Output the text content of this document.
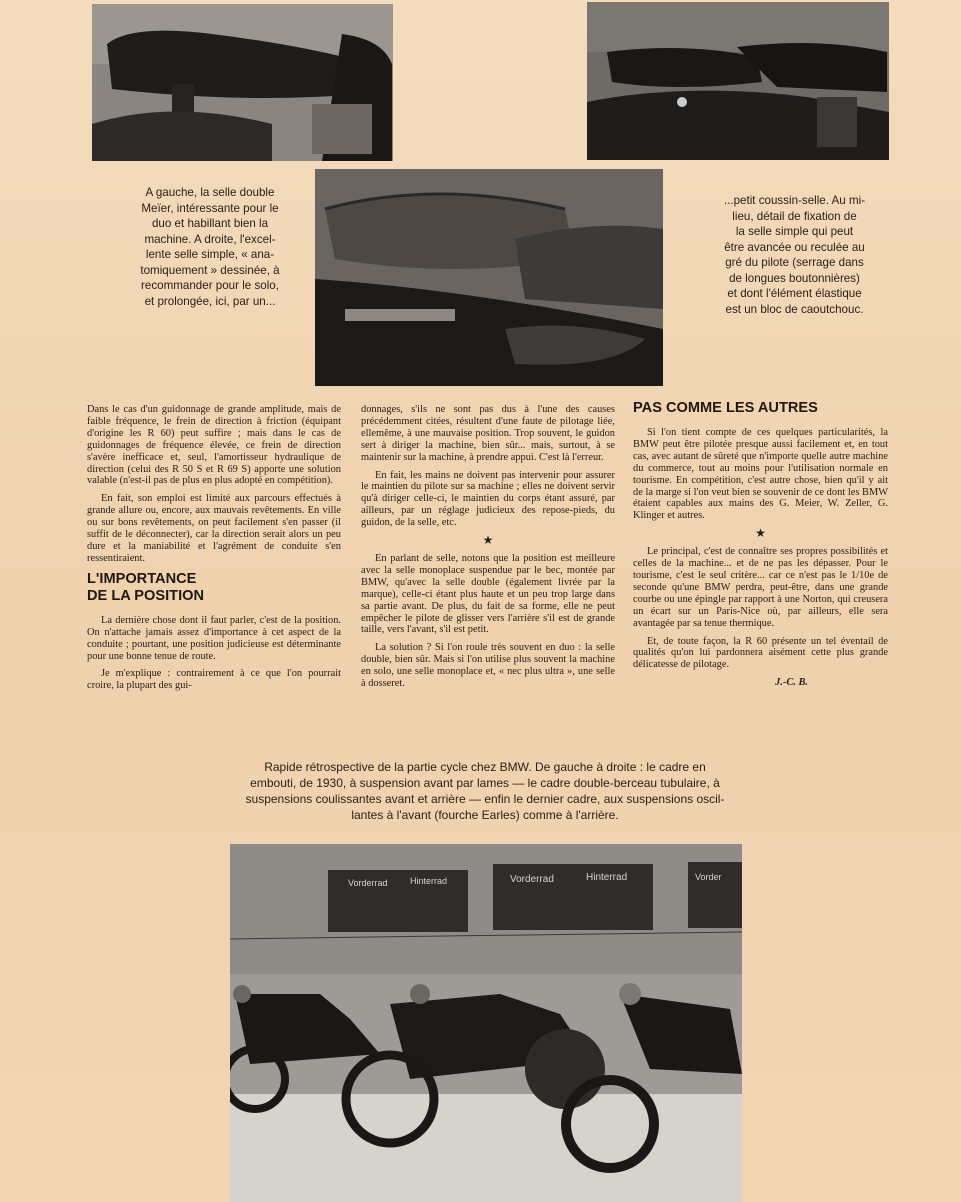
A gauche, la selle double
Meïer, intéressante pour le
duo et habillant bien la
machine. A droite, l'excel-
lente selle simple, « ana-
tomiquement » dessinée, à
recommander pour le solo,
et prolongée, ici, par un...
...petit coussin-selle. Au mi-
lieu, détail de fixation de
la selle simple qui peut
être avancée ou reculée au
gré du pilote (serrage dans
de longues boutonnières)
et dont l'élément élastique
est un bloc de caoutchouc.

Dans le cas d'un guidonnage de grande amplitude, mais de faible fréquence, le frein de direction à friction (équipant d'origine les R 60) peut suffire ; mais dans le cas de guidonnages de fréquence élevée, ce frein de direction s'avère inefficace et, seul, l'amortisseur hydraulique de direction (celui des R 50 S et R 69 S) apporte une solution valable (n'est-il pas de plus en plus adopté en compétition).

En fait, son emploi est limité aux parcours effectués à grande allure ou, encore, aux mauvais revêtements. En ville ou sur bons revêtements, on peut facilement s'en passer (il suffit de le déconnecter), car la direction serait alors un peu dure et la maniabilité et l'agrément de conduite s'en ressentiraient.

L'IMPORTANCE
DE LA POSITION

La dernière chose dont il faut parler, c'est de la position. On n'attache jamais assez d'importance à cet aspect de la conduite ; pourtant, une position judicieuse est déterminante pour une bonne tenue de route.

Je m'explique : contrairement à ce que l'on pourrait croire, la plupart des gui-

donnages, s'ils ne sont pas dus à l'une des causes précédemment citées, résultent d'une faute de pilotage liée, ellemême, à une mauvaise position. Trop souvent, le guidon sert à diriger la machine, bien sûr... mais, surtout, à se maintenir sur la machine, à prendre appui. C'est là l'erreur.

En fait, les mains ne doivent pas intervenir pour assurer le maintien du pilote sur sa machine ; elles ne doivent servir qu'à diriger celle-ci, le maintien du corps étant assuré, par ailleurs, par un réglage judicieux des repose-pieds, du guidon, de la selle, etc.

★

En parlant de selle, notons que la position est meilleure avec la selle monoplace suspendue par le bec, montée par BMW, qu'avec la selle double (également livrée par la marque), celle-ci étant plus haute et un peu trop large dans sa partie avant. De plus, du fait de sa forme, elle ne peut empêcher le pilote de glisser vers l'arrière s'il est de grande taille, vers l'avant, s'il est petit.

La solution ? Si l'on roule très souvent en duo : la selle double, bien sûr. Mais si l'on utilise plus souvent la machine en solo, une selle monoplace et, « nec plus ultra », une selle à dosseret.

PAS COMME LES AUTRES

Si l'on tient compte de ces quelques particularités, la BMW peut être pilotée presque aussi facilement et, en tout cas, avec autant de sûreté que n'importe quelle autre machine du commerce, tout au moins pour l'utilisation normale en tourisme. En compétition, c'est autre chose, bien qu'il y ait de la marge si l'on veut bien se souvenir de ce dont les BMW étaient capables aux mains des G. Meier, W. Zeller, G. Klinger et autres.

★

Le principal, c'est de connaître ses propres possibilités et celles de la machine... et de ne pas les dépasser. Pour le tourisme, c'est le seul critère... car ce n'est pas le 1/10e de seconde qu'une BMW perdra, peut-être, dans une grande courbe ou une épingle par rapport à une Norton, qui creusera un écart sur un Paris-Nice où, par ailleurs, elle sera avantagée par sa tenue thermique.

Et, de toute façon, la R 60 présente un tel éventail de qualités qu'on lui pardonnera aisément cette plus grande délicatesse de pilotage.

J.-C. B.
Rapide rétrospective de la partie cycle chez BMW. De gauche à droite : le cadre en
embouti, de 1930, à suspension avant par lames — le cadre double-berceau tubulaire, à
suspensions coulissantes avant et arrière — enfin le dernier cadre, aux suspensions oscil-
lantes à l'avant (fourche Earles) comme à l'arrière.
Vorderrad Hinterrad	Vorderrad	Hinterrad	Vorder
